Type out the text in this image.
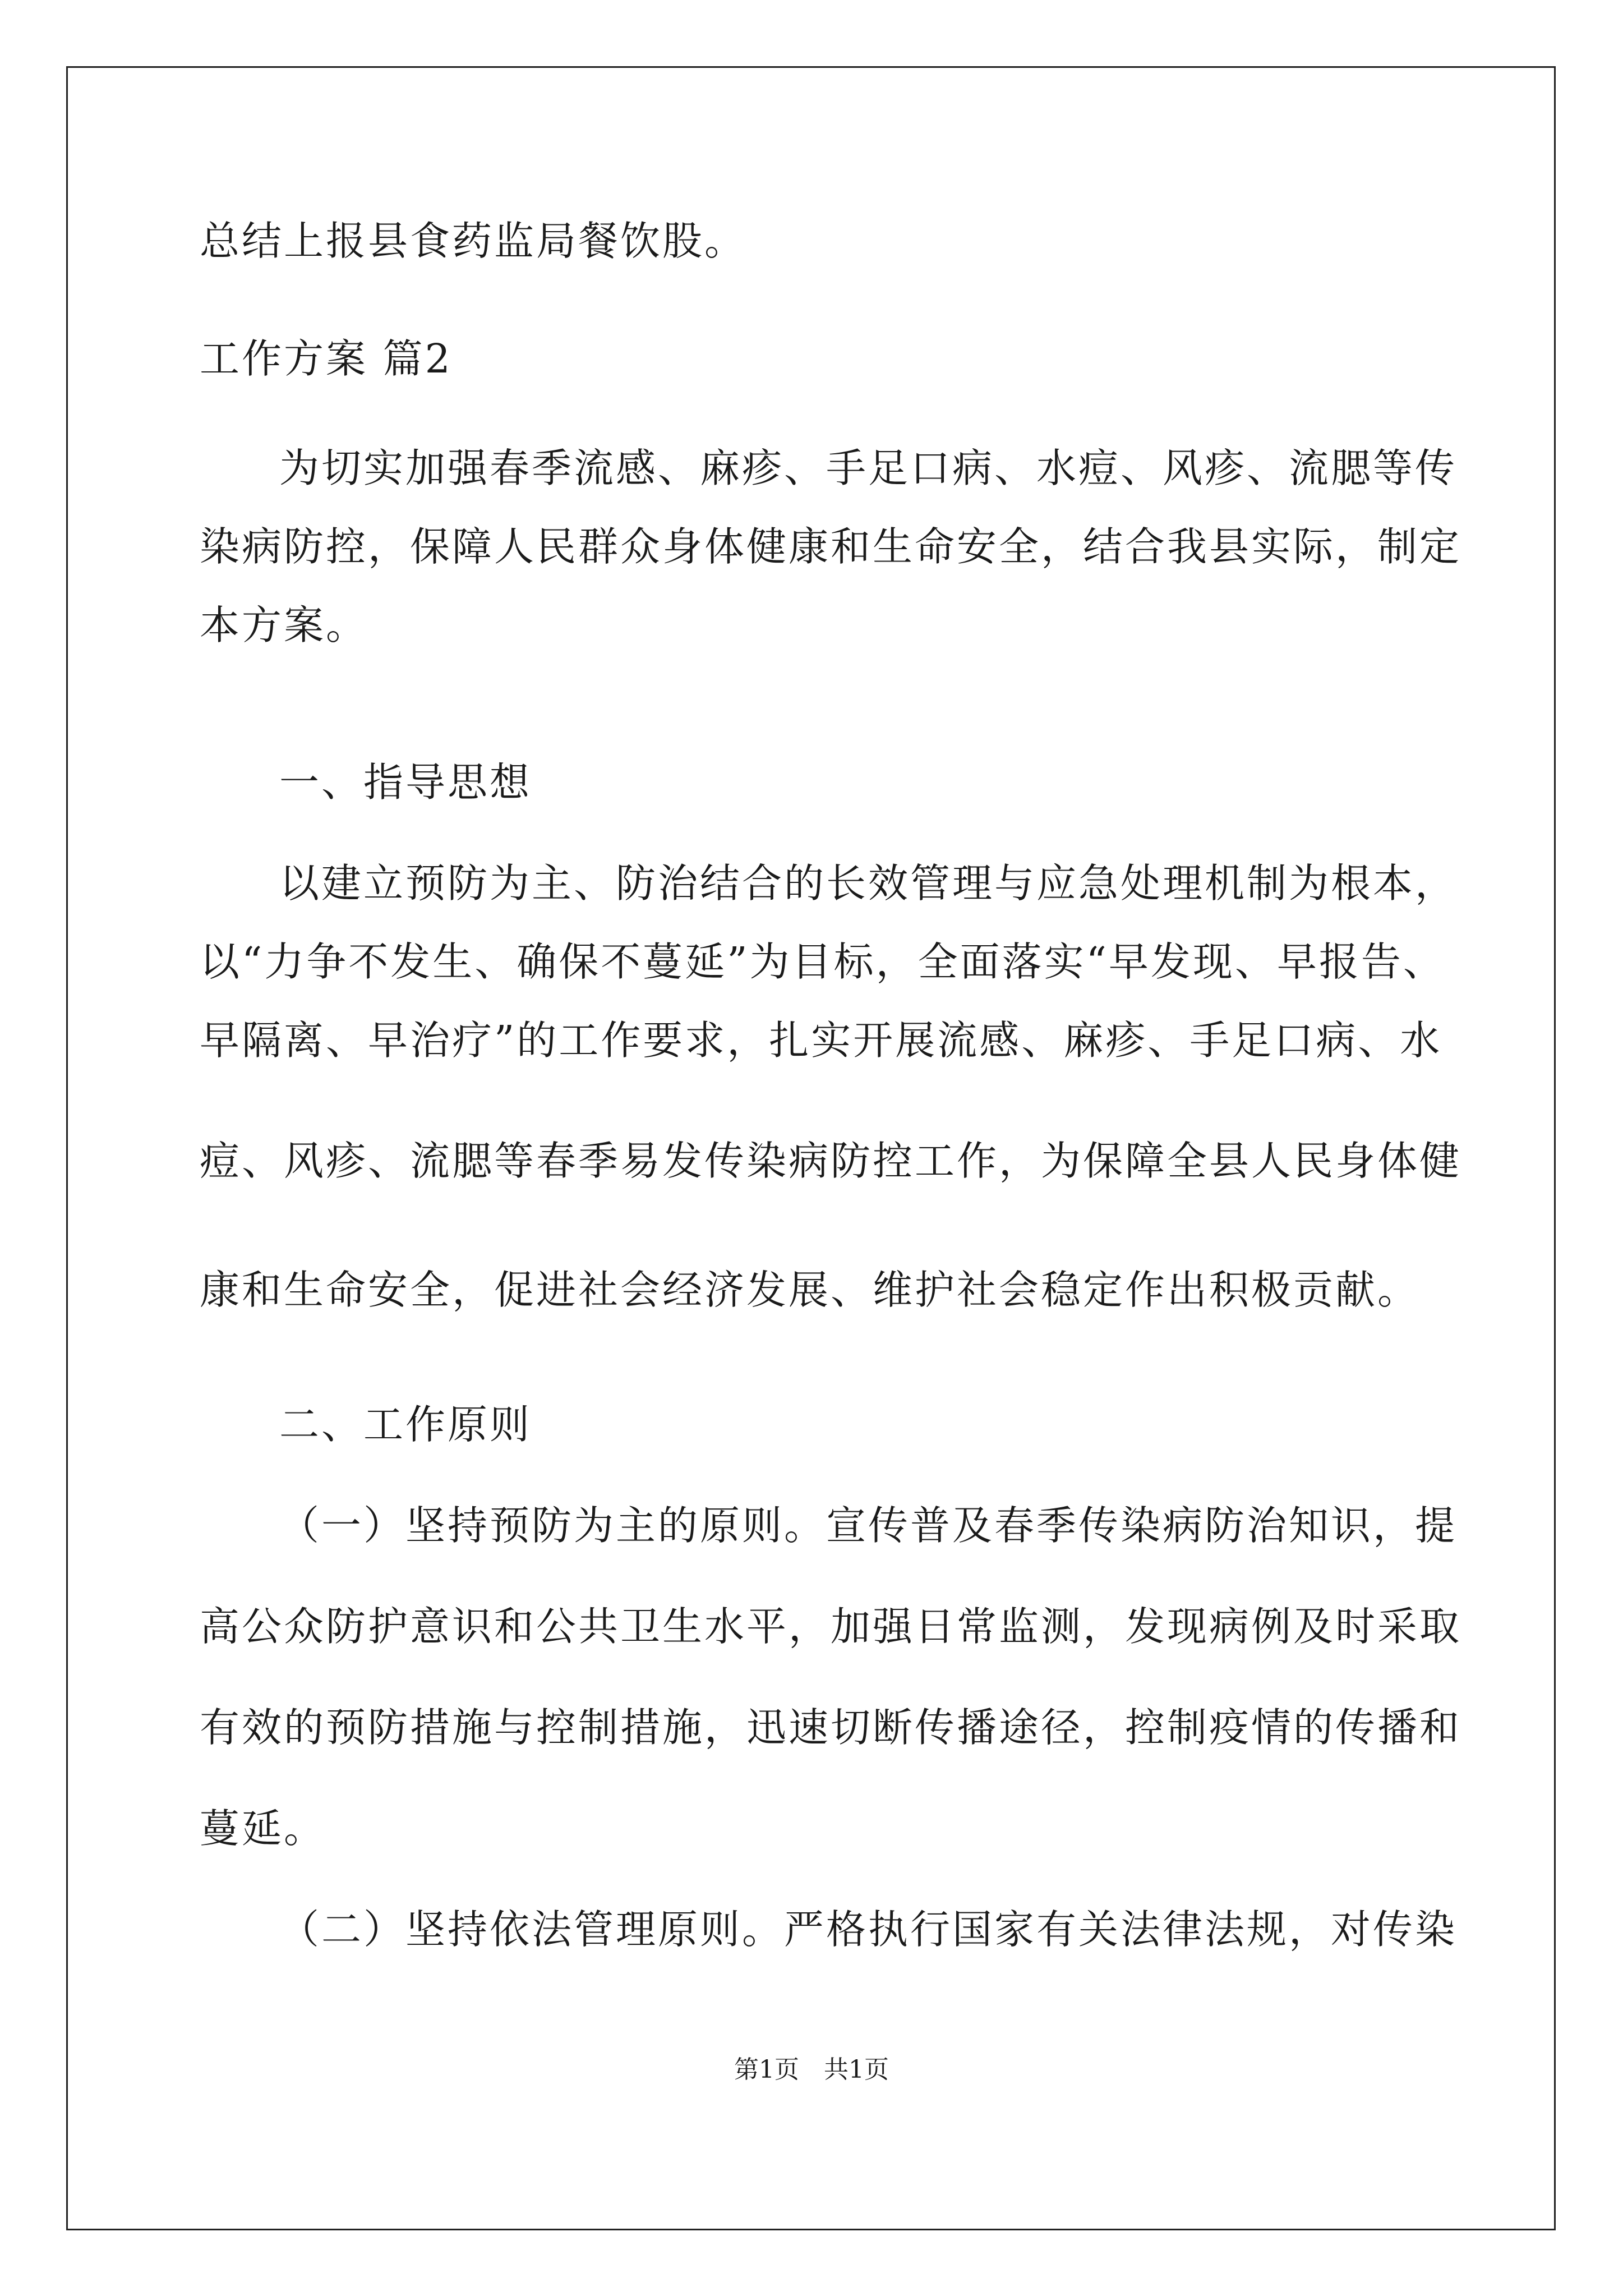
总结上报县食药监局餐饮股。
工作方案 篇2
为切实加强春季流感、麻疹、手足口病、水痘、风疹、流腮等传
染病防控，保障人民群众身体健康和生命安全，结合我县实际，制定
本方案。
一、指导思想
以建立预防为主、防治结合的长效管理与应急处理机制为根本，
以“力争不发生、确保不蔓延”为目标，全面落实“早发现、早报告、
早隔离、早治疗”的工作要求，扎实开展流感、麻疹、手足口病、水
痘、风疹、流腮等春季易发传染病防控工作，为保障全县人民身体健
康和生命安全，促进社会经济发展、维护社会稳定作出积极贡献。
二、工作原则
（一）坚持预防为主的原则。宣传普及春季传染病防治知识，提
高公众防护意识和公共卫生水平，加强日常监测，发现病例及时采取
有效的预防措施与控制措施，迅速切断传播途径，控制疫情的传播和
蔓延。
（二）坚持依法管理原则。严格执行国家有关法律法规，对传染
第1页 共1页
